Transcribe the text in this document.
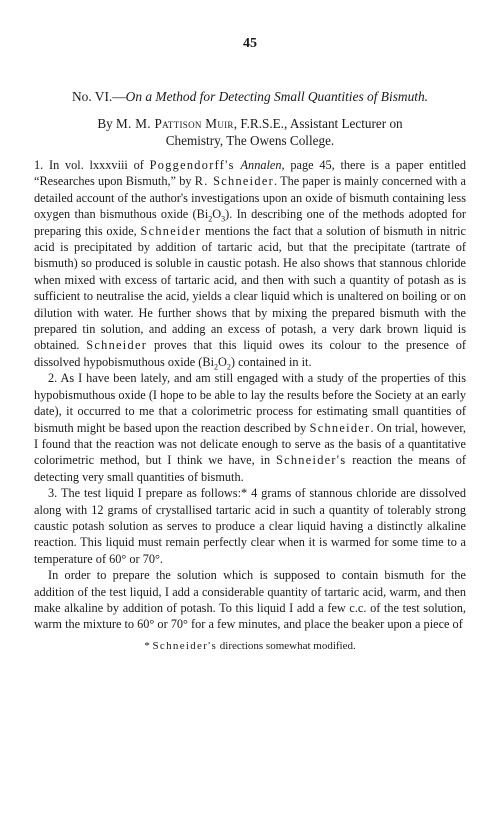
45
No. VI.—On a Method for Detecting Small Quantities of Bismuth.
By M. M. Pattison Muir, F.R.S.E., Assistant Lecturer on
Chemistry, The Owens College.

1. In vol. lxxxviii of Poggendorff's Annalen, page 45, there is a paper entitled “Researches upon Bismuth,” by R. Schneider. The paper is mainly concerned with a detailed account of the author's investigations upon an oxide of bismuth containing less oxygen than bismuthous oxide $(Bi_2O_3)$. In describing one of the methods adopted for preparing this oxide, Schneider mentions the fact that a solution of bismuth in nitric acid is precipitated by addition of tartaric acid, but that the precipitate (tartrate of bismuth) so produced is soluble in caustic potash. He also shows that stannous chloride when mixed with excess of tartaric acid, and then with such a quantity of potash as is sufficient to neutralise the acid, yields a clear liquid which is unaltered on boiling or on dilution with water. He further shows that by mixing the prepared bismuth with the prepared tin solution, and adding an excess of potash, a very dark brown liquid is obtained. Schneider proves that this liquid owes its colour to the presence of dissolved hypobismuthous oxide $(Bi_2O_2)$ contained in it.

2. As I have been lately, and am still engaged with a study of the properties of this hypobismuthous oxide (I hope to be able to lay the results before the Society at an early date), it occurred to me that a colorimetric process for estimating small quantities of bismuth might be based upon the reaction described by Schneider. On trial, however, I found that the reaction was not delicate enough to serve as the basis of a quantitative colorimetric method, but I think we have, in Schneider's reaction the means of detecting very small quantities of bismuth.

3. The test liquid I prepare as follows:* 4 grams of stannous chloride are dissolved along with 12 grams of crystallised tartaric acid in such a quantity of tolerably strong caustic potash solution as serves to produce a clear liquid having a distinctly alkaline reaction. This liquid must remain perfectly clear when it is warmed for some time to a temperature of 60° or 70°.

In order to prepare the solution which is supposed to contain bismuth for the addition of the test liquid, I add a considerable quantity of tartaric acid, warm, and then make alkaline by addition of potash. To this liquid I add a few c.c. of the test solution, warm the mixture to 60° or 70° for a few minutes, and place the beaker upon a piece of

* Schneider's directions somewhat modified.
